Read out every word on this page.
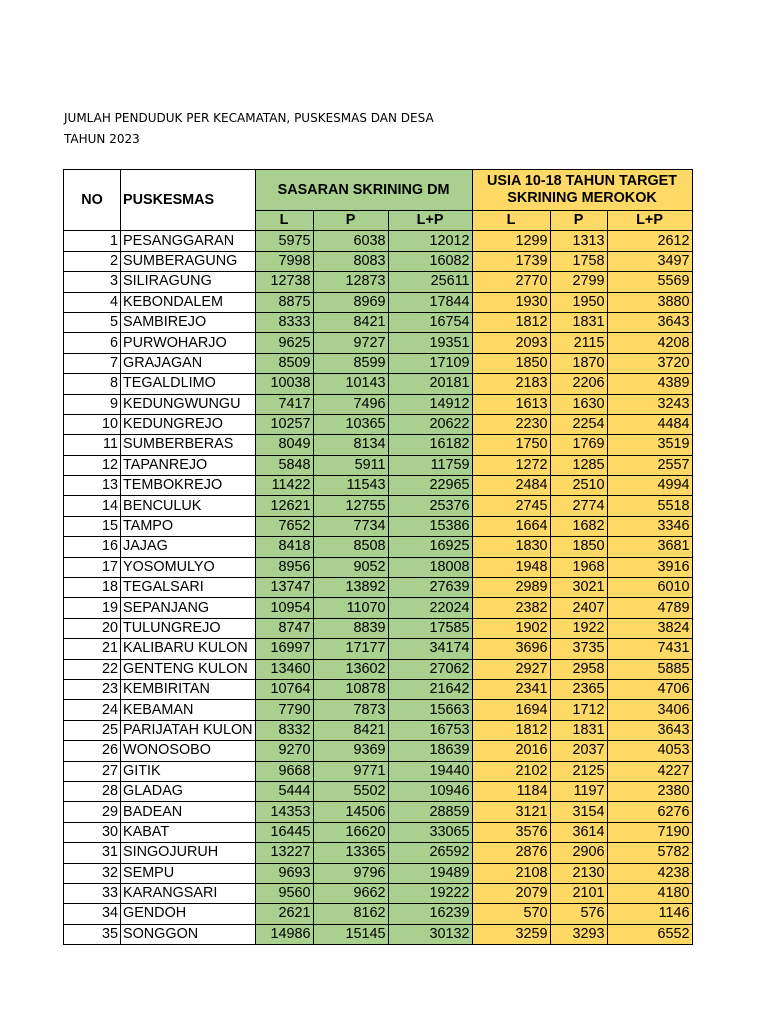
JUMLAH PENDUDUK PER KECAMATAN, PUSKESMAS DAN DESA
TAHUN 2023
NO	PUSKESMAS	SASARAN SKRINING DM			USIA 10-18 TAHUN TARGET SKRINING MEROKOK		
		L	P	L+P	L	P	L+P
1	PESANGGARAN	5975	6038	12012	1299	1313	2612
2	SUMBERAGUNG	7998	8083	16082	1739	1758	3497
3	SILIRAGUNG	12738	12873	25611	2770	2799	5569
4	KEBONDALEM	8875	8969	17844	1930	1950	3880
5	SAMBIREJO	8333	8421	16754	1812	1831	3643
6	PURWOHARJO	9625	9727	19351	2093	2115	4208
7	GRAJAGAN	8509	8599	17109	1850	1870	3720
8	TEGALDLIMO	10038	10143	20181	2183	2206	4389
9	KEDUNGWUNGU	7417	7496	14912	1613	1630	3243
10	KEDUNGREJO	10257	10365	20622	2230	2254	4484
11	SUMBERBERAS	8049	8134	16182	1750	1769	3519
12	TAPANREJO	5848	5911	11759	1272	1285	2557
13	TEMBOKREJO	11422	11543	22965	2484	2510	4994
14	BENCULUK	12621	12755	25376	2745	2774	5518
15	TAMPO	7652	7734	15386	1664	1682	3346
16	JAJAG	8418	8508	16925	1830	1850	3681
17	YOSOMULYO	8956	9052	18008	1948	1968	3916
18	TEGALSARI	13747	13892	27639	2989	3021	6010
19	SEPANJANG	10954	11070	22024	2382	2407	4789
20	TULUNGREJO	8747	8839	17585	1902	1922	3824
21	KALIBARU KULON	16997	17177	34174	3696	3735	7431
22	GENTENG KULON	13460	13602	27062	2927	2958	5885
23	KEMBIRITAN	10764	10878	21642	2341	2365	4706
24	KEBAMAN	7790	7873	15663	1694	1712	3406
25	PARIJATAH KULON	8332	8421	16753	1812	1831	3643
26	WONOSOBO	9270	9369	18639	2016	2037	4053
27	GITIK	9668	9771	19440	2102	2125	4227
28	GLADAG	5444	5502	10946	1184	1197	2380
29	BADEAN	14353	14506	28859	3121	3154	6276
30	KABAT	16445	16620	33065	3576	3614	7190
31	SINGOJURUH	13227	13365	26592	2876	2906	5782
32	SEMPU	9693	9796	19489	2108	2130	4238
33	KARANGSARI	9560	9662	19222	2079	2101	4180
34	GENDOH	2621	8162	16239	570	576	1146
35	SONGGON	14986	15145	30132	3259	3293	6552
